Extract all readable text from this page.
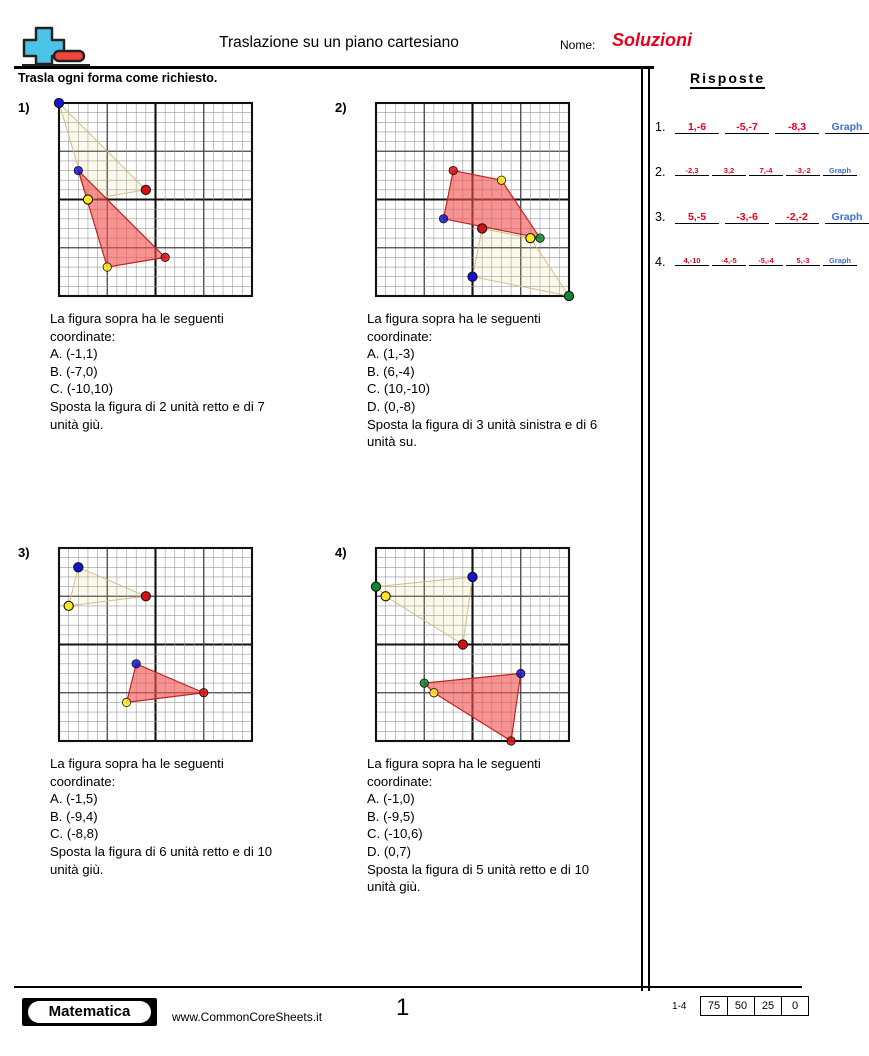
Traslazione su un piano cartesiano	Nome: Soluzioni
Trasla ogni forma come richiesto.	Risposte
1.	1,-6	-5,-7	-8,3	Graph
2.	-2,3	3,2	7,-4	-3,-2	Graph
3.	5,-5	-3,-6	-2,-2	Graph
4.	4,-10	-4,-5	-5,-4	5,-3	Graph
1)
La figura sopra ha le seguenti
coordinate:
A. (-1,1)
B. (-7,0)
C. (-10,10)
Sposta la figura di 2 unità retto e di 7
unità giù.
2)
La figura sopra ha le seguenti
coordinate:
A. (1,-3)
B. (6,-4)
C. (10,-10)
D. (0,-8)
Sposta la figura di 3 unità sinistra e di 6
unità su.
3)
La figura sopra ha le seguenti
coordinate:
A. (-1,5)
B. (-9,4)
C. (-8,8)
Sposta la figura di 6 unità retto e di 10
unità giù.
4)
La figura sopra ha le seguenti
coordinate:
A. (-1,0)
B. (-9,5)
C. (-10,6)
D. (0,7)
Sposta la figura di 5 unità retto e di 10
unità giù.
Matematica	www.CommonCoreSheets.it	1	1-4	75	50	25	0
